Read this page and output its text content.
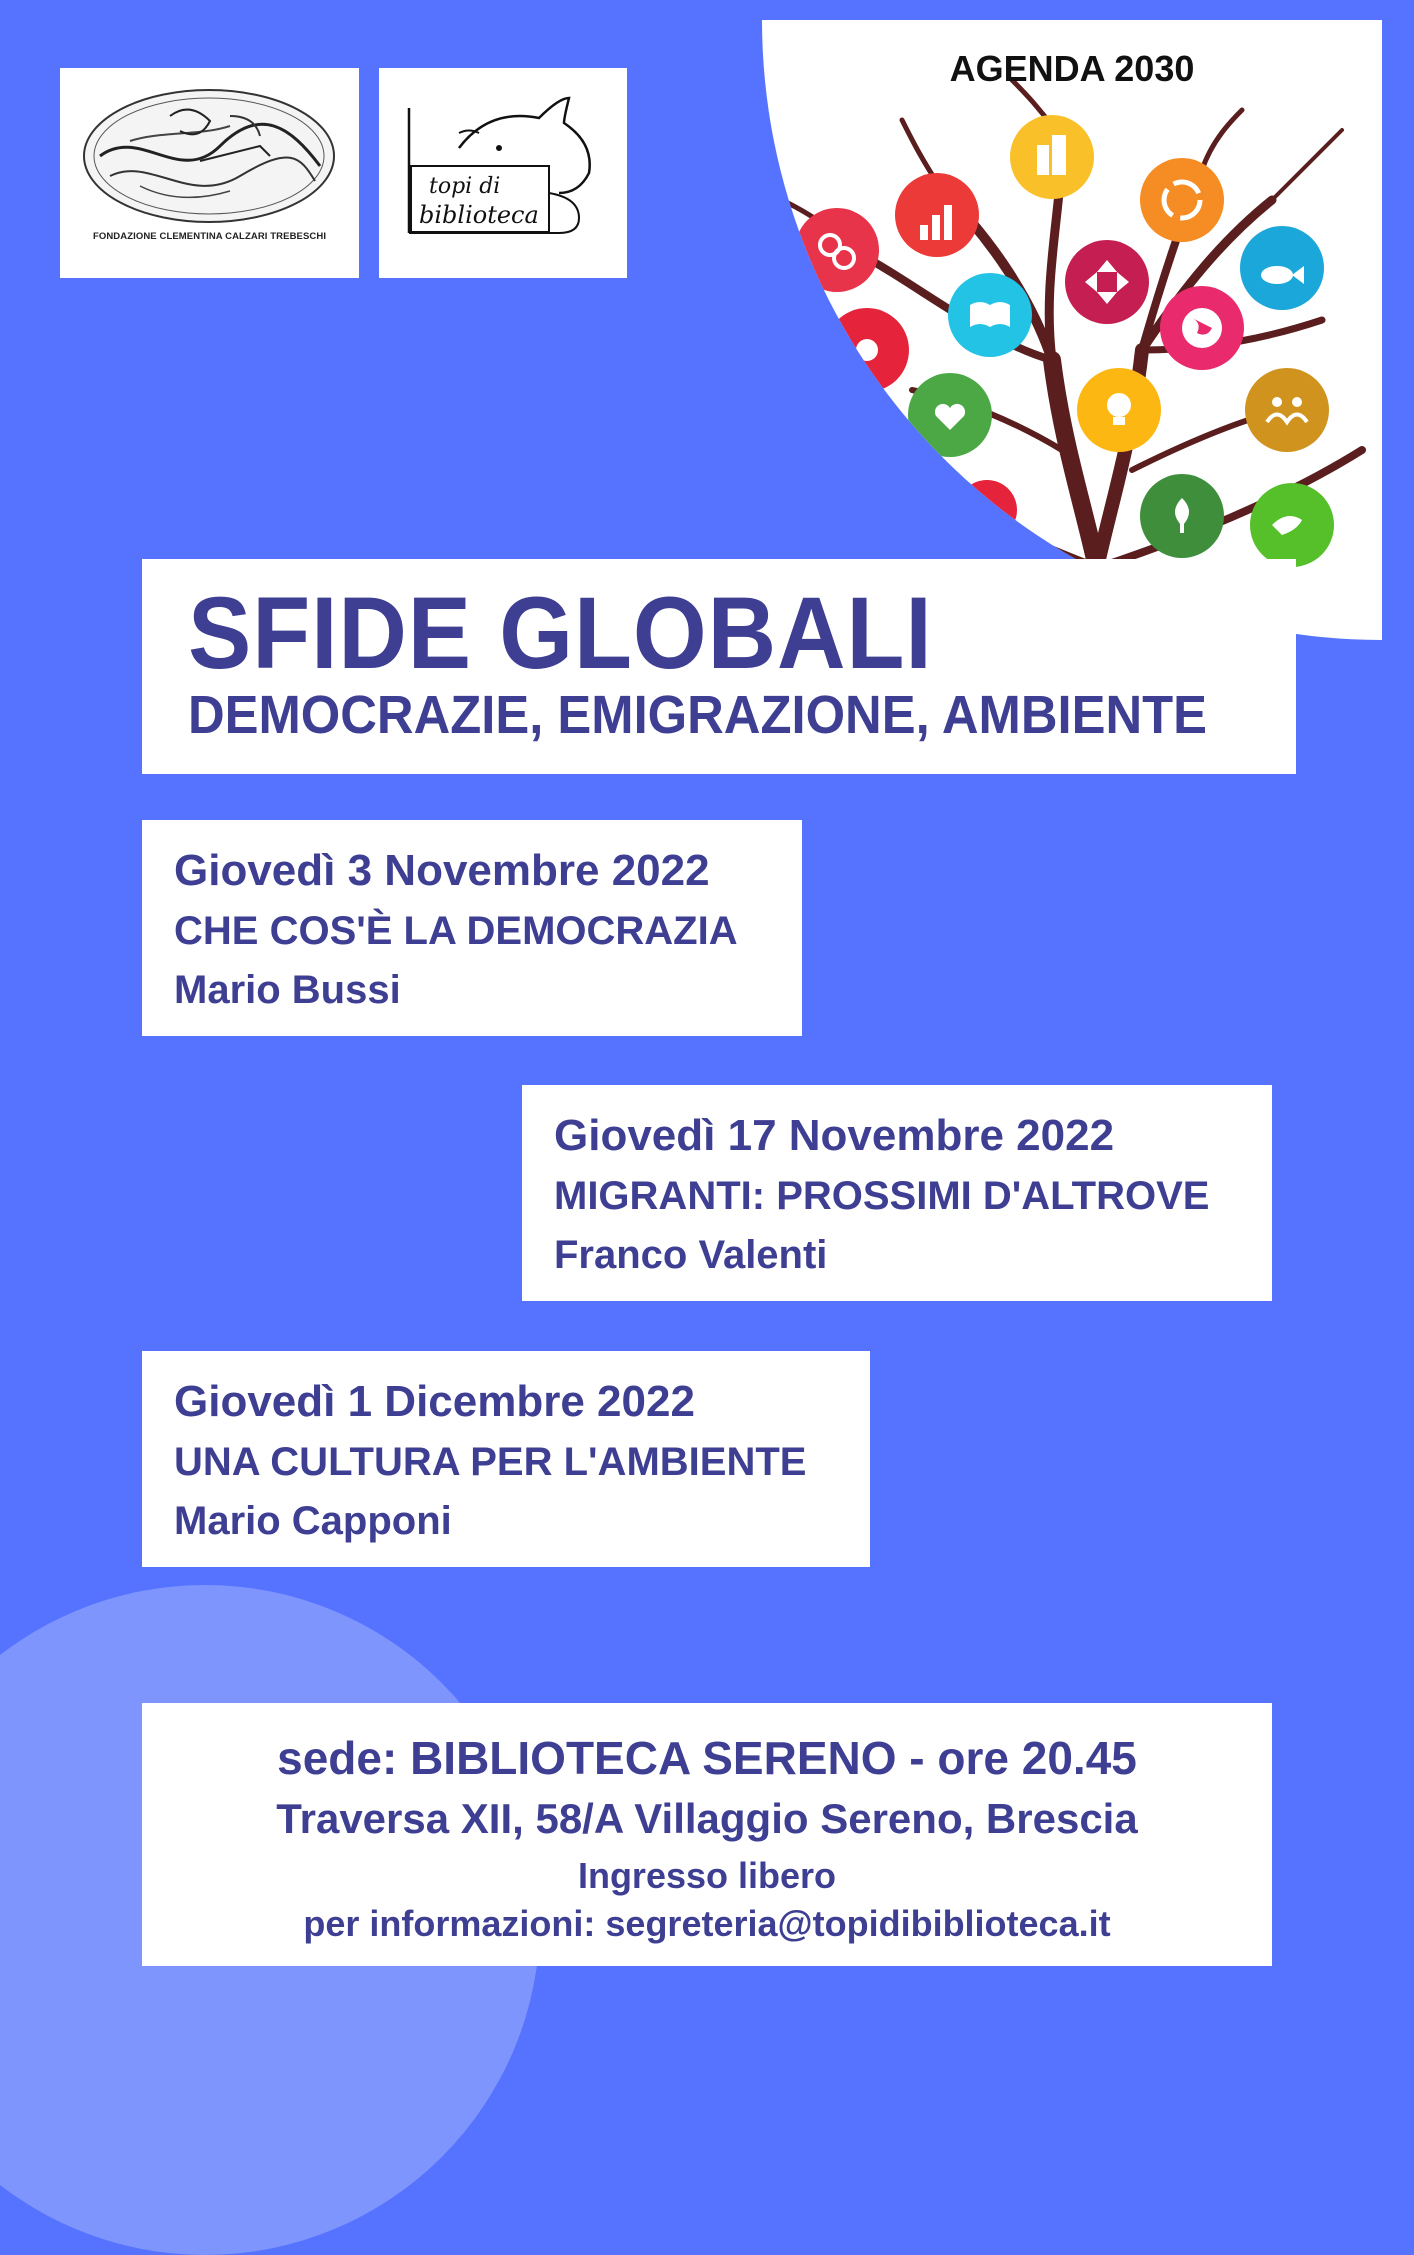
FONDAZIONE CLEMENTINA CALZARI TREBESCHI
topi di
biblioteca
AGENDA 2030
SFIDE GLOBALI
DEMOCRAZIE, EMIGRAZIONE, AMBIENTE
Giovedì 3 Novembre 2022
CHE COS'È LA DEMOCRAZIA
Mario Bussi
Giovedì 17 Novembre 2022
MIGRANTI: PROSSIMI D'ALTROVE
Franco Valenti
Giovedì 1 Dicembre 2022
UNA CULTURA PER L'AMBIENTE
Mario Capponi
sede: BIBLIOTECA SERENO - ore 20.45
Traversa XII, 58/A Villaggio Sereno, Brescia
Ingresso libero
per informazioni: segreteria@topidibiblioteca.it
